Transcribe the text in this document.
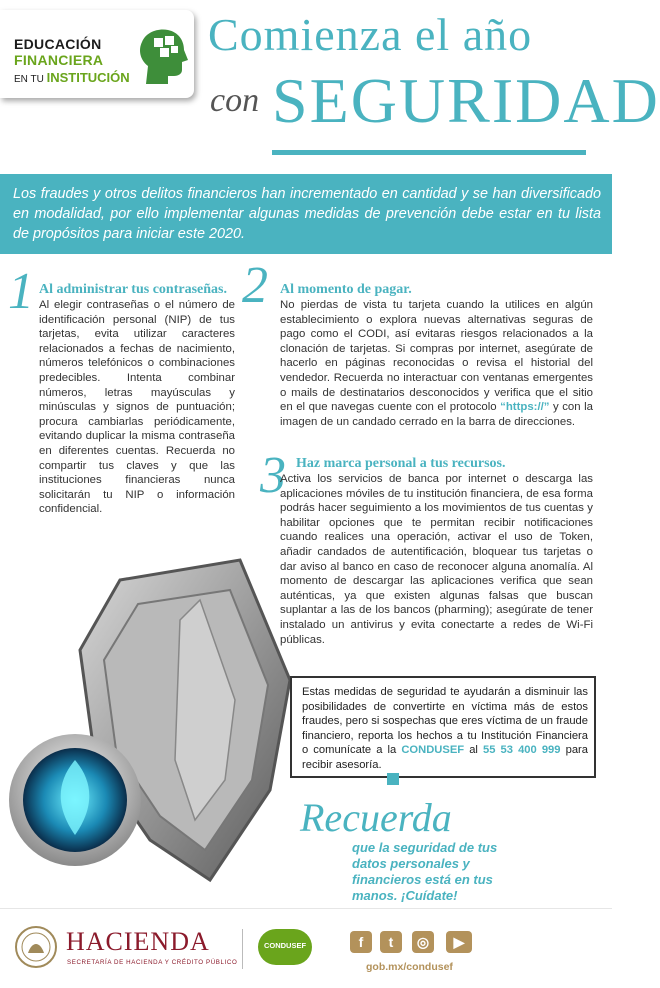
EDUCACIÓN
FINANCIERA
EN TU INSTITUCIÓN
Comienza el año
con SEGURIDAD

Los fraudes y otros delitos financieros han incrementado en cantidad y se han diversificado en modalidad, por ello implementar algunas medidas de prevención debe estar en tu lista de propósitos para iniciar este 2020.

1 Al administrar tus contraseñas.
Al elegir contraseñas o el número de identificación personal (NIP) de tus tarjetas, evita utilizar caracteres relacionados a fechas de nacimiento, números telefónicos o combinaciones predecibles. Intenta combinar números, letras mayúsculas y minúsculas y signos de puntuación; procura cambiarlas periódicamente, evitando duplicar la misma contraseña en diferentes cuentas. Recuerda no compartir tus claves y que las instituciones financieras nunca solicitarán tu NIP o información confidencial.
2 Al momento de pagar.
No pierdas de vista tu tarjeta cuando la utilices en algún establecimiento o explora nuevas alternativas seguras de pago como el CODI, así evitaras riesgos relacionados a la clonación de tarjetas. Si compras por internet, asegúrate de hacerlo en páginas reconocidas o revisa el historial del vendedor. Recuerda no interactuar con ventanas emergentes o mails de destinatarios desconocidos y verifica que el sitio en el que navegas cuente con el protocolo “https://” y con la imagen de un candado cerrado en la barra de direcciones.
3 Haz marca personal a tus recursos.
Activa los servicios de banca por internet o descarga las aplicaciones móviles de tu institución financiera, de esa forma podrás hacer seguimiento a los movimientos de tus cuentas y habilitar opciones que te permitan recibir notificaciones cuando realices una operación, activar el uso de Token, añadir candados de autentificación, bloquear tus tarjetas o dar aviso al banco en caso de reconocer alguna anomalía. Al momento de descargar las aplicaciones verifica que sean auténticas, ya que existen algunas falsas que buscan suplantar a las de los bancos (pharming); asegúrate de tener instalado un antivirus y evita conectarte a redes de Wi-Fi públicas.

Estas medidas de seguridad te ayudarán a disminuir las posibilidades de convertirte en víctima más de estos fraudes, pero si sospechas que eres víctima de un fraude financiero, reporta los hechos a tu Institución Financiera o comunícate a la CONDUSEF al 55 53 400 999 para recibir asesoría.

Recuerda
que la seguridad de tus datos personales y financieros está en tus manos. ¡Cuídate!
HACIENDA
SECRETARÍA DE HACIENDA Y CRÉDITO PÚBLICO
CONDUSEF	f	t	◎	▶
gob.mx/condusef
